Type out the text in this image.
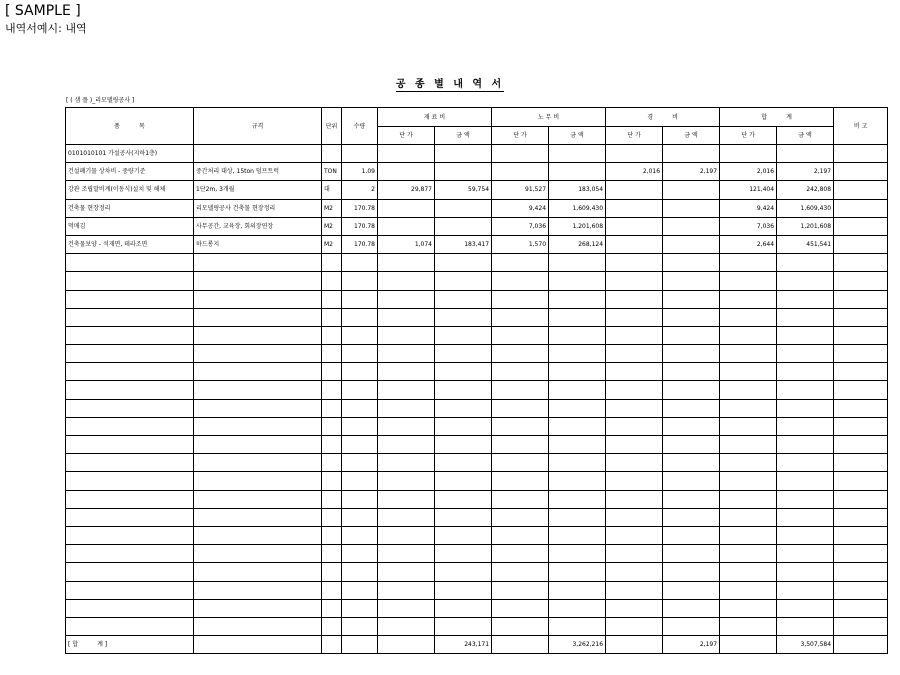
[ SAMPLE ]
내역서예시: 내역
공 종 별 내 역 서
[ ( 샘 플 )_리모델링공사 ]
품          목	규격	단위	수량	재 료 비		노 무 비		경          비		합          계		비 고
				단 가	금 액	단 가	금 액	단 가	금 액	단 가	금 액	
0101010101 가설공사(지하1층)												
건설폐기물 상차비 - 중량기준	중간처리 대상, 15ton 덤프트럭	TON	1.09					2,016	2,197	2,016	2,197	
강관 조립말비계(이동식)설치 및 해체	1단2m, 3개월	대	2	29,877	59,754	91,527	183,054			121,404	242,808	
건축물 현장정리	리모델링공사 건축물 현장정리	M2	170.78			9,424	1,609,430			9,424	1,609,430	
먹매김	사무공간, 교육장, 회의장연장	M2	170.78			7,036	1,201,608			7,036	1,201,608	
건축물보양 - 석재면, 테라조면	하드롱지	M2	170.78	1,074	183,417	1,570	268,124			2,644	451,541	

[ 합          계 ]					243,171		3,262,216		2,197		3,507,584	
